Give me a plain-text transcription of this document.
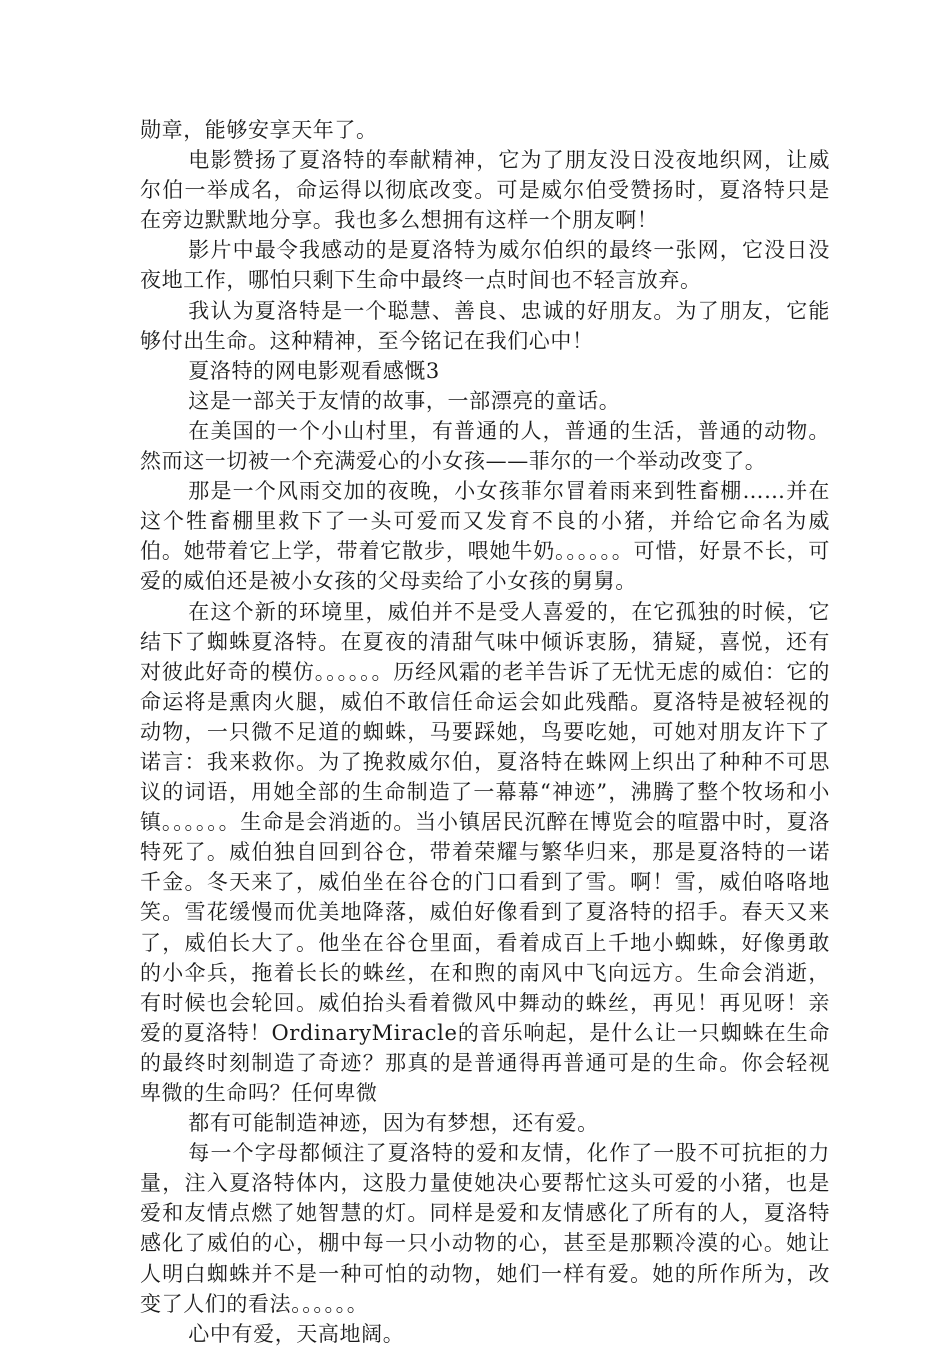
勋章，能够安享天年了。

电影赞扬了夏洛特的奉献精神，它为了朋友没日没夜地织网，让威尔伯一举成名，命运得以彻底改变。可是威尔伯受赞扬时，夏洛特只是在旁边默默地分享。我也多么想拥有这样一个朋友啊！

影片中最令我感动的是夏洛特为威尔伯织的最终一张网，它没日没夜地工作，哪怕只剩下生命中最终一点时间也不轻言放弃。

我认为夏洛特是一个聪慧、善良、忠诚的好朋友。为了朋友，它能够付出生命。这种精神，至今铭记在我们心中！

夏洛特的网电影观看感慨3

这是一部关于友情的故事，一部漂亮的童话。

在美国的一个小山村里，有普通的人，普通的生活，普通的动物。然而这一切被一个充满爱心的小女孩——菲尔的一个举动改变了。

那是一个风雨交加的夜晚，小女孩菲尔冒着雨来到牲畜棚……并在这个牲畜棚里救下了一头可爱而又发育不良的小猪，并给它命名为威伯。她带着它上学，带着它散步，喂她牛奶。。。。。。可惜，好景不长，可爱的威伯还是被小女孩的父母卖给了小女孩的舅舅。

在这个新的环境里，威伯并不是受人喜爱的，在它孤独的时候，它结下了蜘蛛夏洛特。在夏夜的清甜气味中倾诉衷肠，猜疑，喜悦，还有对彼此好奇的模仿。。。。。。历经风霜的老羊告诉了无忧无虑的威伯：它的命运将是熏肉火腿，威伯不敢信任命运会如此残酷。夏洛特是被轻视的动物，一只微不足道的蜘蛛，马要踩她，鸟要吃她，可她对朋友许下了诺言：我来救你。为了挽救威尔伯，夏洛特在蛛网上织出了种种不可思议的词语，用她全部的生命制造了一幕幕“神迹”，沸腾了整个牧场和小镇。。。。。。生命是会消逝的。当小镇居民沉醉在博览会的喧嚣中时，夏洛特死了。威伯独自回到谷仓，带着荣耀与繁华归来，那是夏洛特的一诺千金。冬天来了，威伯坐在谷仓的门口看到了雪。啊！雪，威伯咯咯地笑。雪花缓慢而优美地降落，威伯好像看到了夏洛特的招手。春天又来了，威伯长大了。他坐在谷仓里面，看着成百上千地小蜘蛛，好像勇敢的小伞兵，拖着长长的蛛丝，在和煦的南风中飞向远方。生命会消逝，有时候也会轮回。威伯抬头看着微风中舞动的蛛丝，再见！再见呀！亲爱的夏洛特！OrdinaryMiracle的音乐响起，是什么让一只蜘蛛在生命的最终时刻制造了奇迹？那真的是普通得再普通可是的生命。你会轻视卑微的生命吗？任何卑微

都有可能制造神迹，因为有梦想，还有爱。

每一个字母都倾注了夏洛特的爱和友情，化作了一股不可抗拒的力量，注入夏洛特体内，这股力量使她决心要帮忙这头可爱的小猪，也是爱和友情点燃了她智慧的灯。同样是爱和友情感化了所有的人，夏洛特感化了威伯的心，棚中每一只小动物的心，甚至是那颗冷漠的心。她让人明白蜘蛛并不是一种可怕的动物，她们一样有爱。她的所作所为，改变了人们的看法。。。。。。

心中有爱，天高地阔。
